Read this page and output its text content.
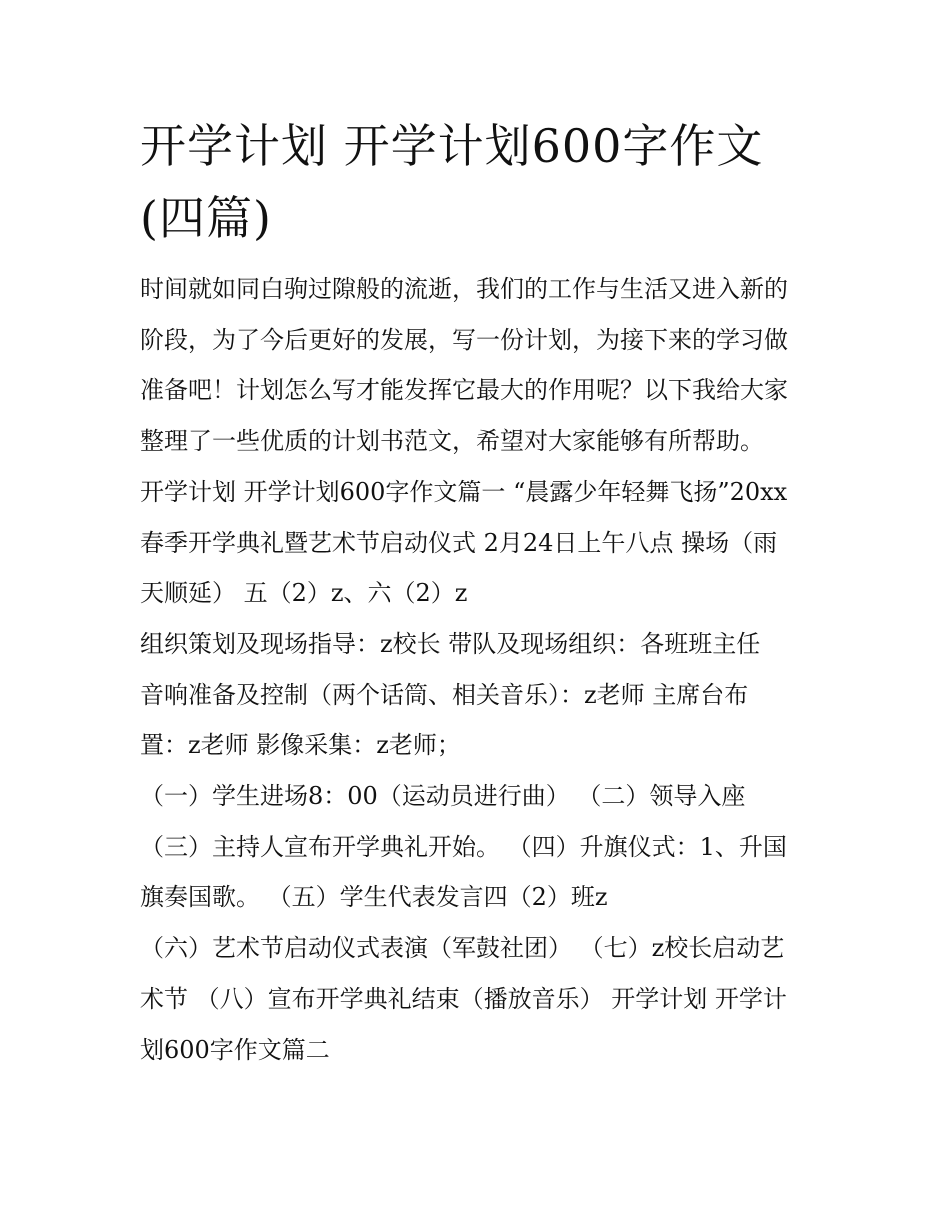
开学计划 开学计划600字作文
(四篇)
时间就如同白驹过隙般的流逝，我们的工作与生活又进入新的
阶段，为了今后更好的发展，写一份计划，为接下来的学习做
准备吧！计划怎么写才能发挥它最大的作用呢？以下我给大家
整理了一些优质的计划书范文，希望对大家能够有所帮助。
开学计划 开学计划600字作文篇一 “晨露少年轻舞飞扬”20xx
春季开学典礼暨艺术节启动仪式 2月24日上午八点 操场（雨
天顺延） 五（2）z、六（2）z
组织策划及现场指导：z校长 带队及现场组织：各班班主任
音响准备及控制（两个话筒、相关音乐）：z老师 主席台布
置：z老师 影像采集：z老师；
（一）学生进场8：00（运动员进行曲） （二）领导入座
（三）主持人宣布开学典礼开始。 （四）升旗仪式：1、升国
旗奏国歌。 （五）学生代表发言四（2）班z
（六）艺术节启动仪式表演（军鼓社团） （七）z校长启动艺
术节 （八）宣布开学典礼结束（播放音乐） 开学计划 开学计
划600字作文篇二
